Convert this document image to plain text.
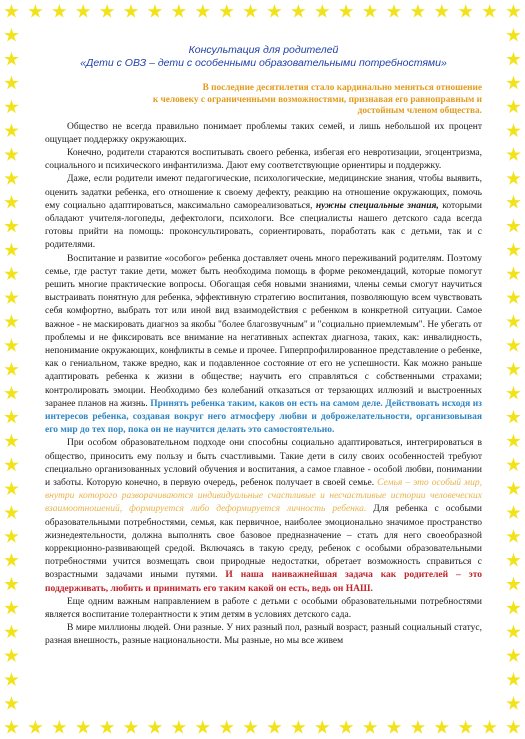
Консультация для родителей
«Дети с ОВЗ – дети с особенными образовательными потребностями»
В последние десятилетия стало кардинально меняться отношение
к человеку с ограниченными возможностями, признавая его равноправным и
достойным членом общества.

Общество не всегда правильно понимает проблемы таких семей, и лишь небольшой их процент ощущает поддержку окружающих.

Конечно, родители стараются воспитывать своего ребенка, избегая его невротизации, эгоцентризма, социального и психического инфантилизма. Дают ему соответствующие ориентиры и поддержку.

Даже, если родители имеют педагогические, психологические, медицинские знания, чтобы выявить, оценить задатки ребенка, его отношение к своему дефекту, реакцию на отношение окружающих, помочь ему социально адаптироваться, максимально самореализоваться, нужны специальные знания, которыми обладают учителя-логопеды, дефектологи, психологи. Все специалисты нашего детского сада всегда готовы прийти на помощь: проконсультировать, сориентировать, поработать как с детьми, так и с родителями.

Воспитание и развитие «особого» ребенка доставляет очень много переживаний родителям. Поэтому семье, где растут такие дети, может быть необходима помощь в форме рекомендаций, которые помогут решить многие практические вопросы. Обогащая себя новыми знаниями, члены семьи смогут научиться выстраивать понятную для ребенка, эффективную стратегию воспитания, позволяющую всем чувствовать себя комфортно, выбрать тот или иной вид взаимодействия с ребенком в конкретной ситуации. Самое важное - не маскировать диагноз за якобы "более благозвучным" и "социально приемлемым". Не убегать от проблемы и не фиксировать все внимание на негативных аспектах диагноза, таких, как: инвалидность, непонимание окружающих, конфликты в семье и прочее. Гиперпрофилированное представление о ребенке, как о гениальном, также вредно, как и подавленное состояние от его не успешности. Как можно раньше адаптировать ребенка к жизни в обществе; научить его справляться с собственными страхами; контролировать эмоции. Необходимо без колебаний отказаться от терзающих иллюзий и выстроенных заранее планов на жизнь. Принять ребенка таким, каков он есть на самом деле. Действовать исходя из интересов ребенка, создавая вокруг него атмосферу любви и доброжелательности, организовывая его мир до тех пор, пока он не научится делать это самостоятельно.

При особом образовательном подходе они способны социально адаптироваться, интегрироваться в общество, приносить ему пользу и быть счастливыми. Такие дети в силу своих особенностей требуют специально организованных условий обучения и воспитания, а самое главное - особой любви, понимании и заботы. Которую конечно, в первую очередь, ребенок получает в своей семье. Семья – это особый мир, внутри которого разворачиваются индивидуальные счастливые и несчастливые истории человеческих взаимоотношений, формируется либо деформируется личность ребенка. Для ребенка с особыми образовательными потребностями, семья, как первичное, наиболее эмоционально значимое пространство жизнедеятельности, должна выполнять свое базовое предназначение – стать для него своеобразной коррекционно-развивающей средой. Включаясь в такую среду, ребенок с особыми образовательными потребностями учится возмещать свои природные недостатки, обретает возможность справиться с возрастными задачами иными путями. И наша наиважнейшая задача как родителей – это поддерживать, любить и принимать его таким какой он есть, ведь он НАШ.

Еще одним важным направлением в работе с детьми с особыми образовательными потребностями является воспитание толерантности к этим детям в условиях детского сада.

В мире миллионы людей. Они разные. У них разный пол, разный возраст, разный социальный статус, разная внешность, разные национальности. Мы разные, но мы все живем
